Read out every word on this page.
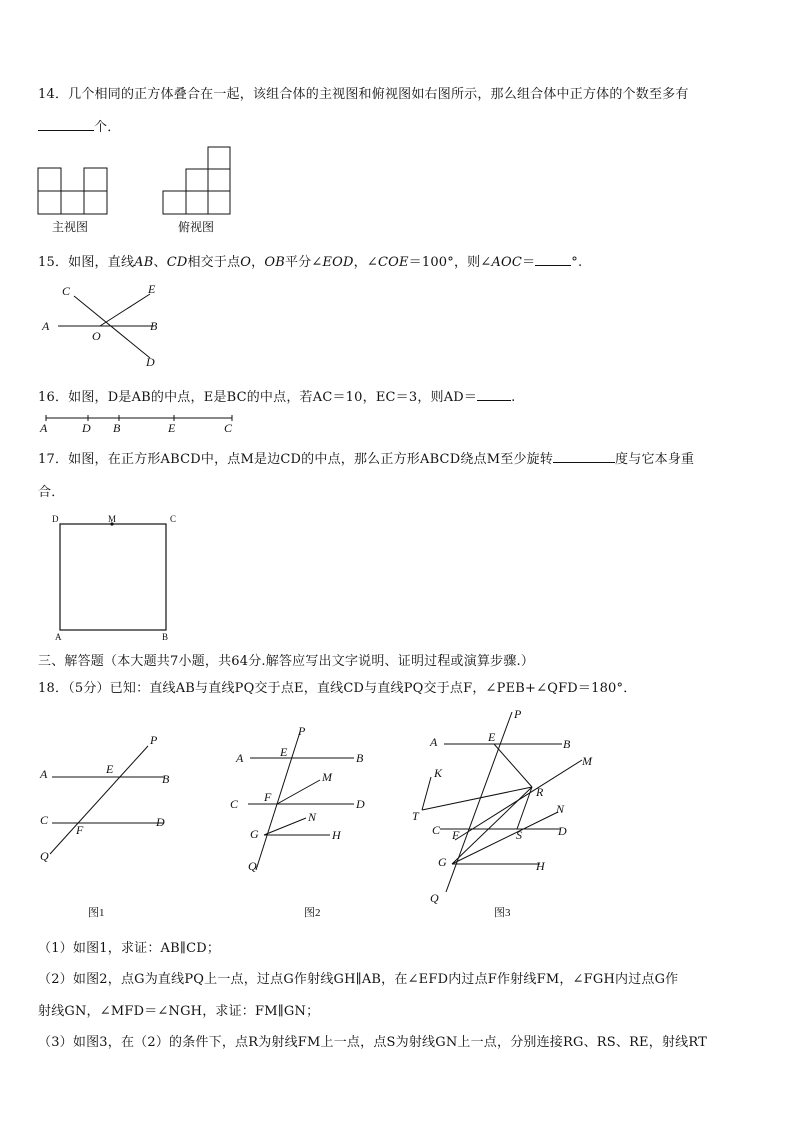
14．几个相同的正方体叠合在一起，该组合体的主视图和俯视图如右图所示，那么组合体中正方体的个数至多有
个．
主视图	俯视图
15．如图，直线AB、CD相交于点O，OB平分∠EOD，∠COE＝100°，则∠AOC＝	°.
C	E
A	B
O
D
16．如图，D是AB的中点，E是BC的中点，若AC＝10，EC＝3，则AD＝	.
A	D B	E	C
17．如图，在正方形ABCD中，点M是边CD的中点，那么正方形ABCD绕点M至少旋转	度与它本身重
合．
D	M	C
A	B
三、解答题（本大题共7小题，共64分.解答应写出文字说明、证明过程或演算步骤.）
18．（5分）已知：直线AB与直线PQ交于点E，直线CD与直线PQ交于点F，∠PEB+∠QFD＝180°．
P
A	E
B
C
F
D
Q
图1
P
A	E	B
M
C F	D
N
G	H
Q
图2
P
A	E	B
M
K
R
N
T
C F	S	D
G	H
Q
图3
（1）如图1，求证：AB∥CD；
（2）如图2，点G为直线PQ上一点，过点G作射线GH∥AB，在∠EFD内过点F作射线FM，∠FGH内过点G作
射线GN，∠MFD＝∠NGH，求证：FM∥GN；
（3）如图3，在（2）的条件下，点R为射线FM上一点，点S为射线GN上一点，分别连接RG、RS、RE，射线RT
